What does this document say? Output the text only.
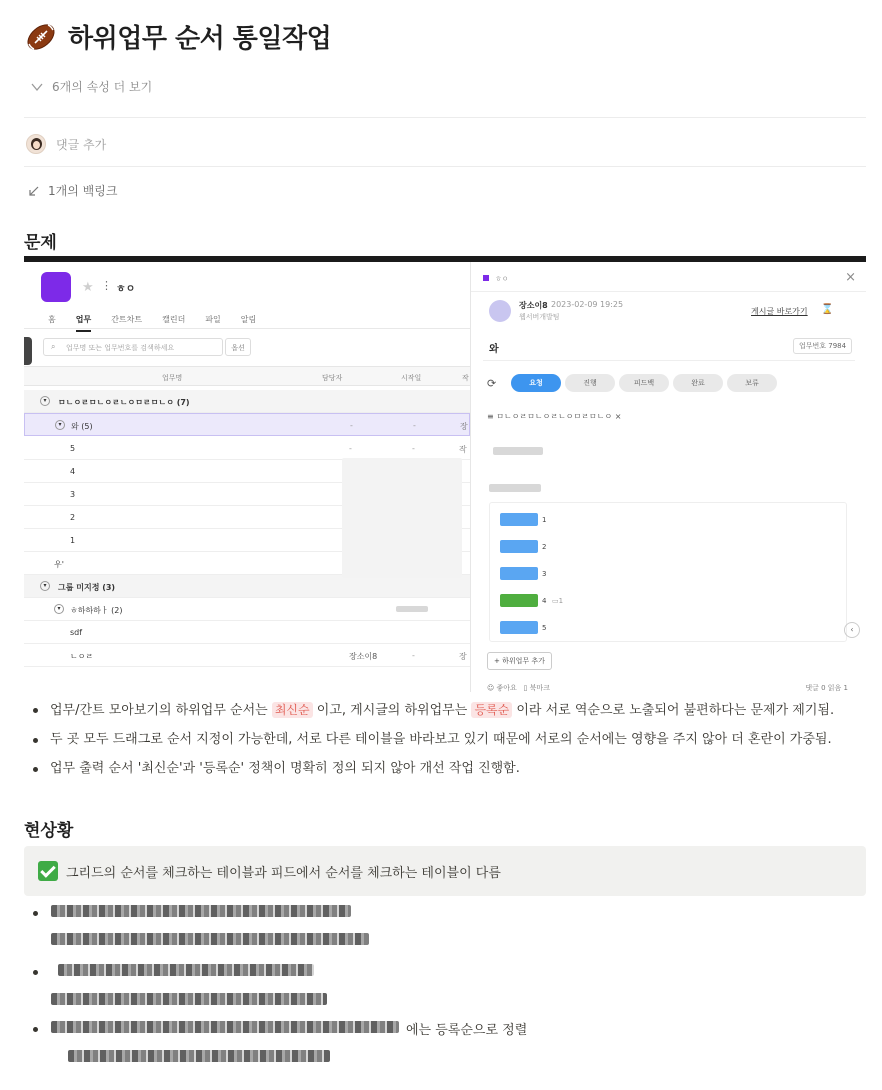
하위업무 순서 통일작업
6개의 속성 더 보기
댓글 추가
1개의 백링크
문제
★ ⋮ ㅎㅇ
홈	업무	간트차트	캘린더	파일	알림
⌕ 업무명 또는 업무번호를 검색하세요	옵션
업무명	담당자	시작일	작
▾	ㅁㄴㅇㄹㅁㄴㅇㄹㄴㅇㅁㄹㅁㄴㅇ (7)
▾	와 (5)	-	-	장
5	-	-	작
4
3
2
1
우'
▾	그룹 미지정 (3)
▾	ㅎ하하하ㅏ (2)
sdf
ㄴㅇㄹ	장소이8	-	장
ㅎㅇ	×
장소이8 2023-02-09 19:25
웹서버개발팀
게시글 바로가기 ⌛
와	업무번호 7984
⟳	요청	진행	피드백	완료	보류
≡ ㅁㄴㅇㄹㅁㄴㅇㄹㄴㅇㅁㄹㅁㄴㅇ ×
1
2
3
4 ▭1
5	‹
+ 하위업무 추가
☺ 좋아요 ▯ 북마크	댓글 0 읽음 1
업무/간트 모아보기의 하위업무 순서는 최신순 이고, 게시글의 하위업무는 등록순 이라 서로 역순으로 노출되어 불편하다는 문제가 제기됨.
두 곳 모두 드래그로 순서 지정이 가능한데, 서로 다른 테이블을 바라보고 있기 때문에 서로의 순서에는 영향을 주지 않아 더 혼란이 가중됨.
업무 출력 순서 '최신순'과 '등록순' 정책이 명확히 정의 되지 않아 개선 작업 진행함.
현상황
그리드의 순서를 체크하는 테이블과 피드에서 순서를 체크하는 테이블이 다름
에는 등록순으로 정렬
